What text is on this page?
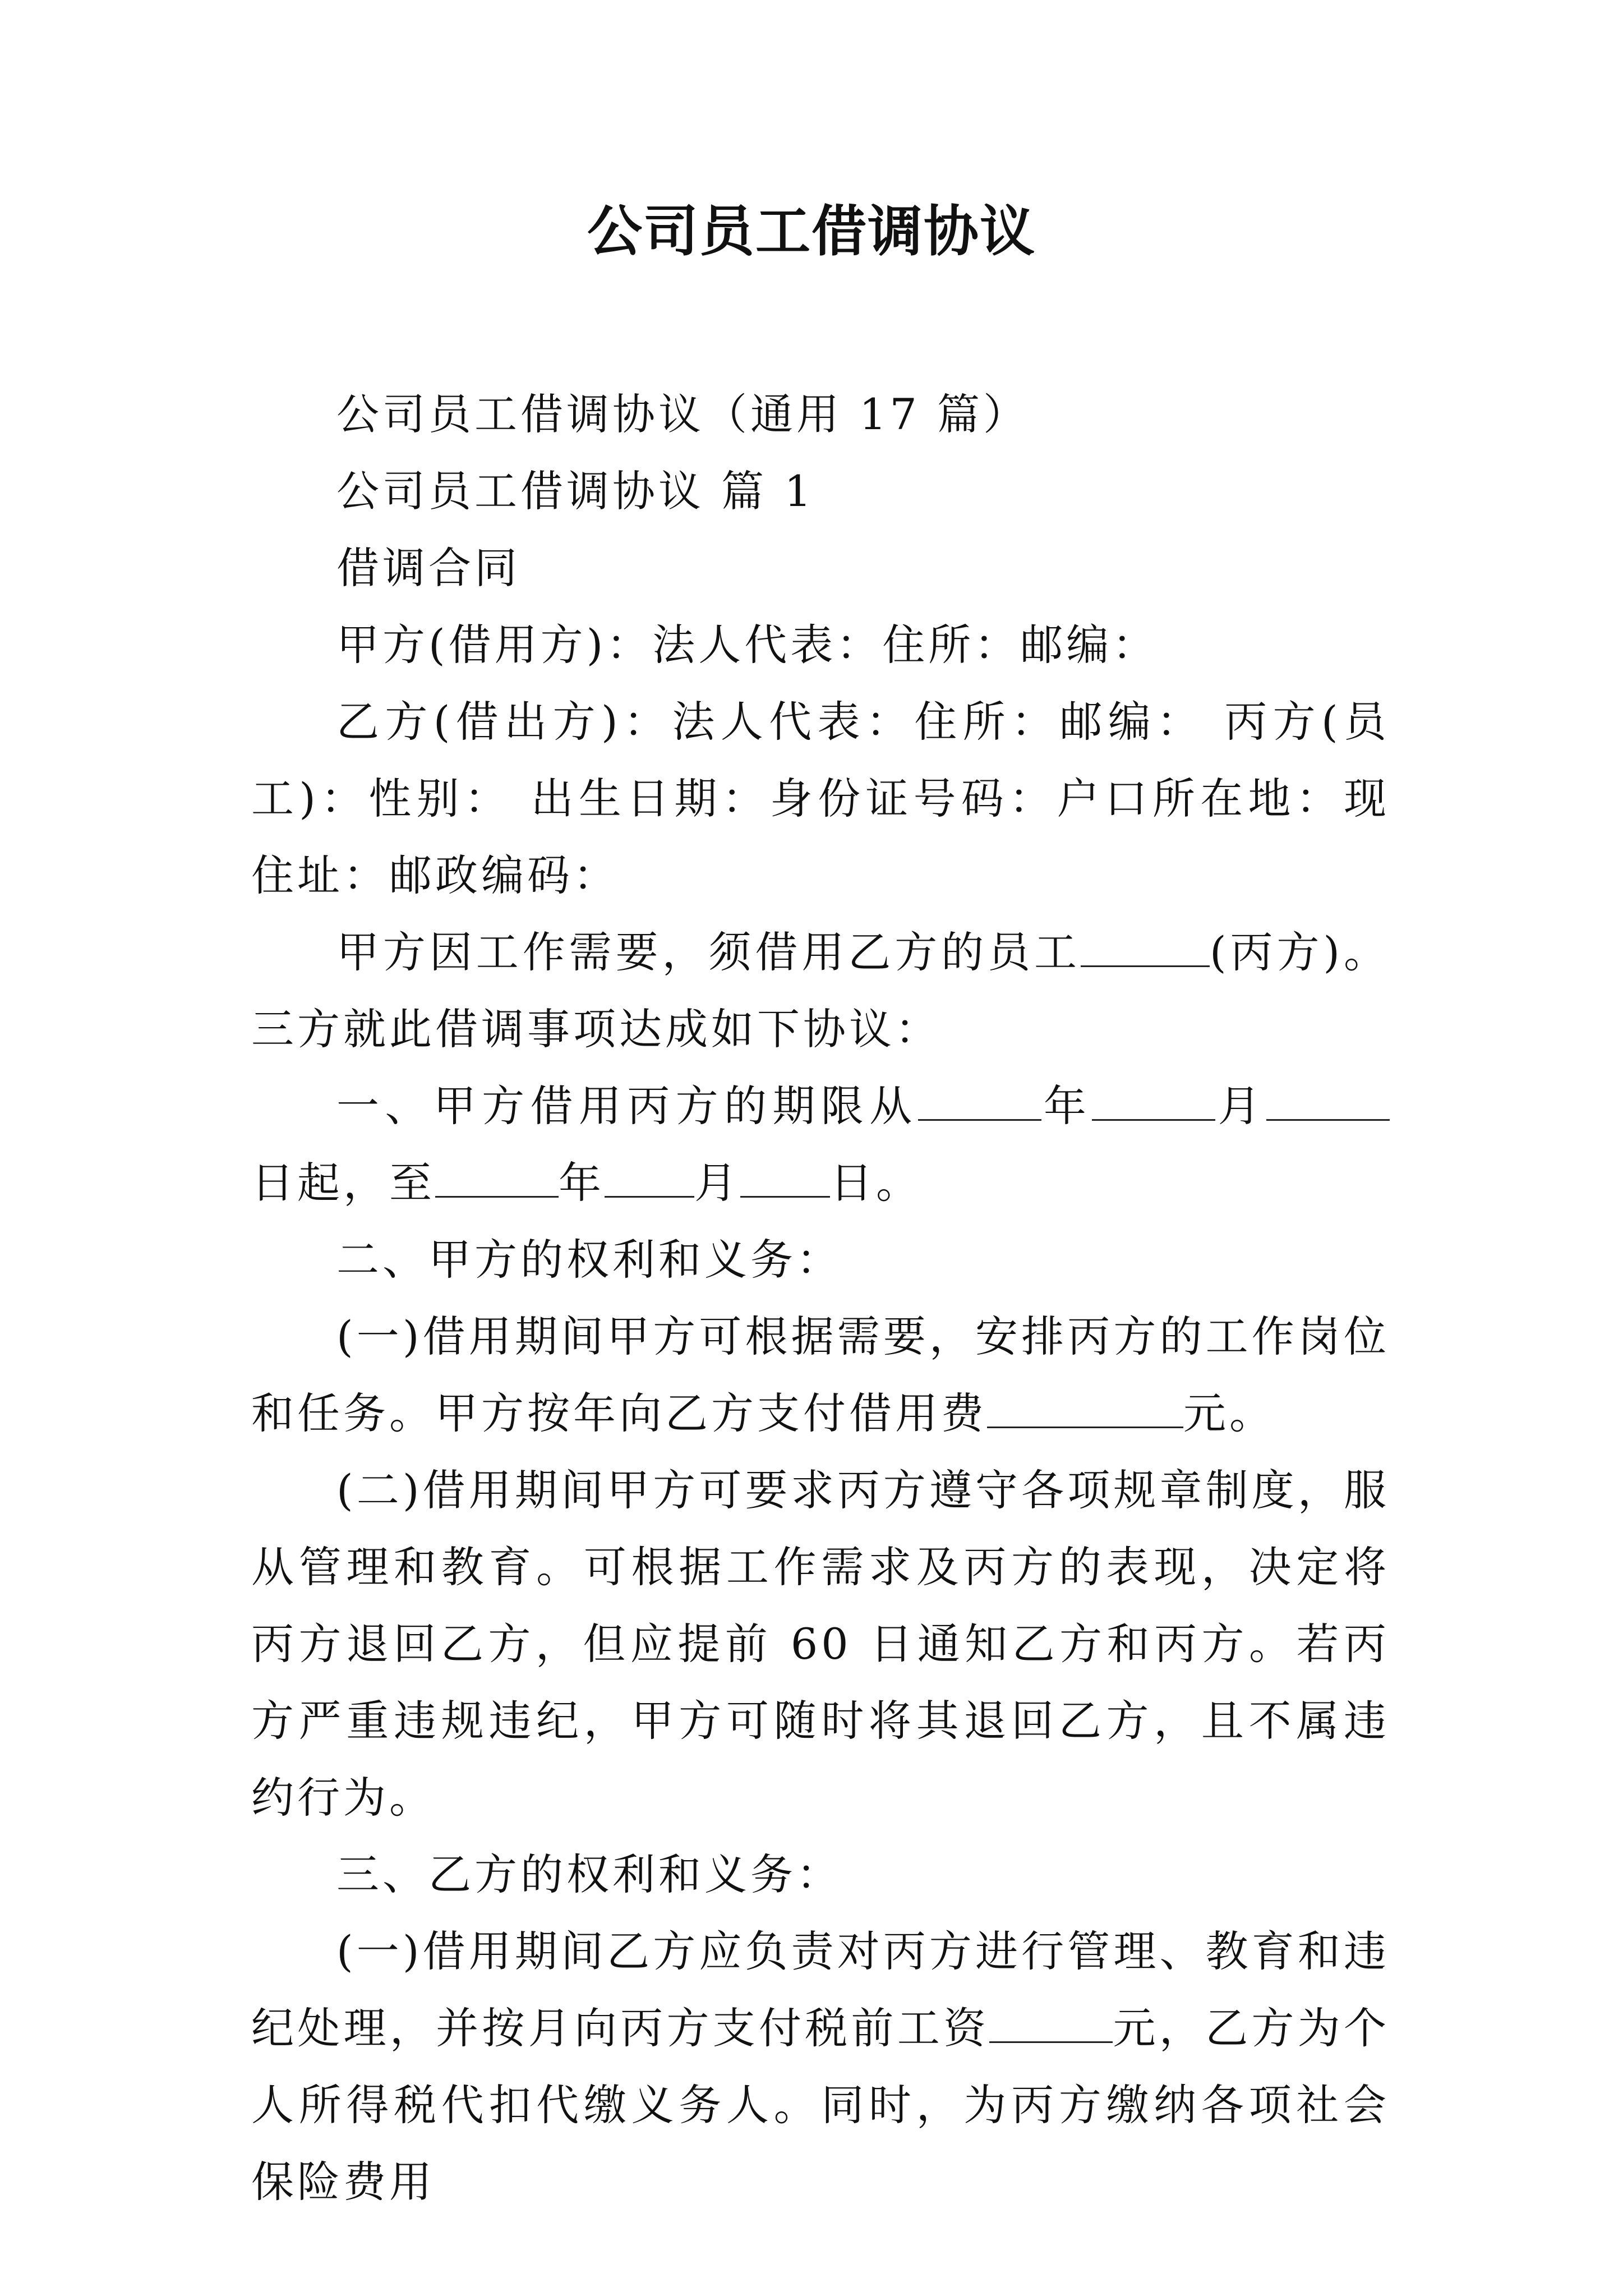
公司员工借调协议

公司员工借调协议（通用 17 篇）

公司员工借调协议 篇 1

借调合同

甲方(借用方)：法人代表：住所：邮编：

乙方(借出方)：法人代表：住所：邮编： 丙方(员工)：性别： 出生日期：身份证号码：户口所在地：现住址：邮政编码：

甲方因工作需要，须借用乙方的员工	(丙方)。三方就此借调事项达成如下协议：

一、甲方借用丙方的期限从	年	月日起，至	年 月 日。

二、甲方的权利和义务：

(一)借用期间甲方可根据需要，安排丙方的工作岗位和任务。甲方按年向乙方支付借用费	元。

(二)借用期间甲方可要求丙方遵守各项规章制度，服从管理和教育。可根据工作需求及丙方的表现，决定将丙方退回乙方，但应提前 60 日通知乙方和丙方。若丙方严重违规违纪，甲方可随时将其退回乙方，且不属违约行为。

三、乙方的权利和义务：

(一)借用期间乙方应负责对丙方进行管理、教育和违纪处理，并按月向丙方支付税前工资	元，乙方为个人所得税代扣代缴义务人。同时，为丙方缴纳各项社会保险费用
